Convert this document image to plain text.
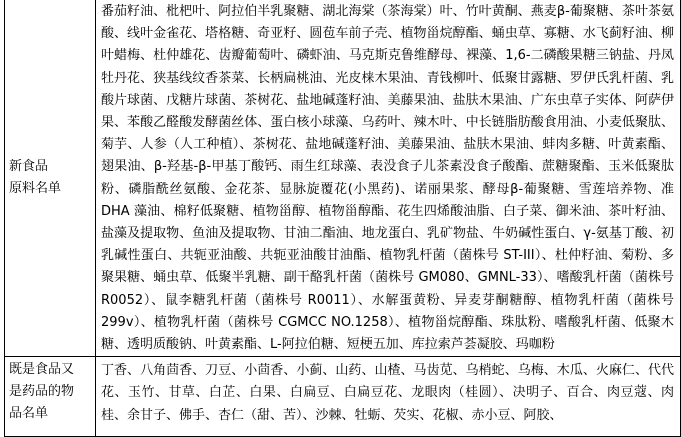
新食品
原料名单	番茄籽油、枇杷叶、阿拉伯半乳聚糖、湖北海棠（茶海棠）叶、竹叶黄酮、燕麦β-葡聚糖、茶叶茶氨酸、线叶金雀花、塔格糖、奇亚籽、圆苞车前子壳、植物甾烷醇酯、蛹虫草、寡糖、水飞蓟籽油、柳叶蜡梅、杜仲雄花、齿瓣葡萄叶、磷虾油、马克斯克鲁维酵母、裸藻、1,6-二磷酸果糖三钠盐、丹凤牡丹花、狭基线纹香茶菜、长柄扁桃油、光皮梾木果油、青钱柳叶、低聚甘露糖、罗伊氏乳杆菌、乳酸片球菌、戊糖片球菌、茶树花、盐地碱蓬籽油、美藤果油、盐肤木果油、广东虫草子实体、阿萨伊果、苯酸乙醛酸发酵菌丝体、蛋白核小球藻、乌药叶、辣木叶、中长链脂肪酸食用油、小麦低聚肽、菊芋、人参（人工种植）、茶树花、盐地碱蓬籽油、美藤果油、盐肤木果油、蚌肉多糖、叶黄素酯、翅果油、β-羟基-β-甲基丁酸钙、雨生红球藻、表没食子儿茶素没食子酸酯、蔗糖聚酯、玉米低聚肽粉、磷脂酰丝氨酸、金花茶、显脉旋覆花(小黑药)、诺丽果浆、酵母β-葡聚糖、雪莲培养物、准 DHA 藻油、棉籽低聚糖、植物甾醇、植物甾醇酯、花生四烯酸油脂、白子菜、御米油、茶叶籽油、盐藻及提取物、鱼油及提取物、甘油二酯油、地龙蛋白、乳矿物盐、牛奶碱性蛋白、γ-氨基丁酸、初乳碱性蛋白、共轭亚油酸、共轭亚油酸甘油酯、植物乳杆菌（菌株号 ST-III）、杜仲籽油、菊粉、多聚果糖、蛹虫草、低聚半乳糖、副干酪乳杆菌（菌株号 GM080、GMNL-33）、嗜酸乳杆菌（菌株号 R0052）、鼠李糖乳杆菌（菌株号 R0011）、水解蛋黄粉、异麦芽酮糖醇、植物乳杆菌（菌株号 299v）、植物乳杆菌（菌株号 CGMCC NO.1258）、植物甾烷醇酯、珠肽粉、嗜酸乳杆菌、低聚木糖、透明质酸钠、叶黄素酯、L-阿拉伯糖、短梗五加、库拉索芦荟凝胶、玛咖粉

既是食品又
是药品的物
品名单	丁香、八角茴香、刀豆、小茴香、小蓟、山药、山楂、马齿苋、乌梢蛇、乌梅、木瓜、火麻仁、代代花、玉竹、甘草、白芷、白果、白扁豆、白扁豆花、龙眼肉（桂圆）、决明子、百合、肉豆蔻、肉桂、余甘子、佛手、杏仁（甜、苦）、沙棘、牡蛎、芡实、花椒、赤小豆、阿胶、
